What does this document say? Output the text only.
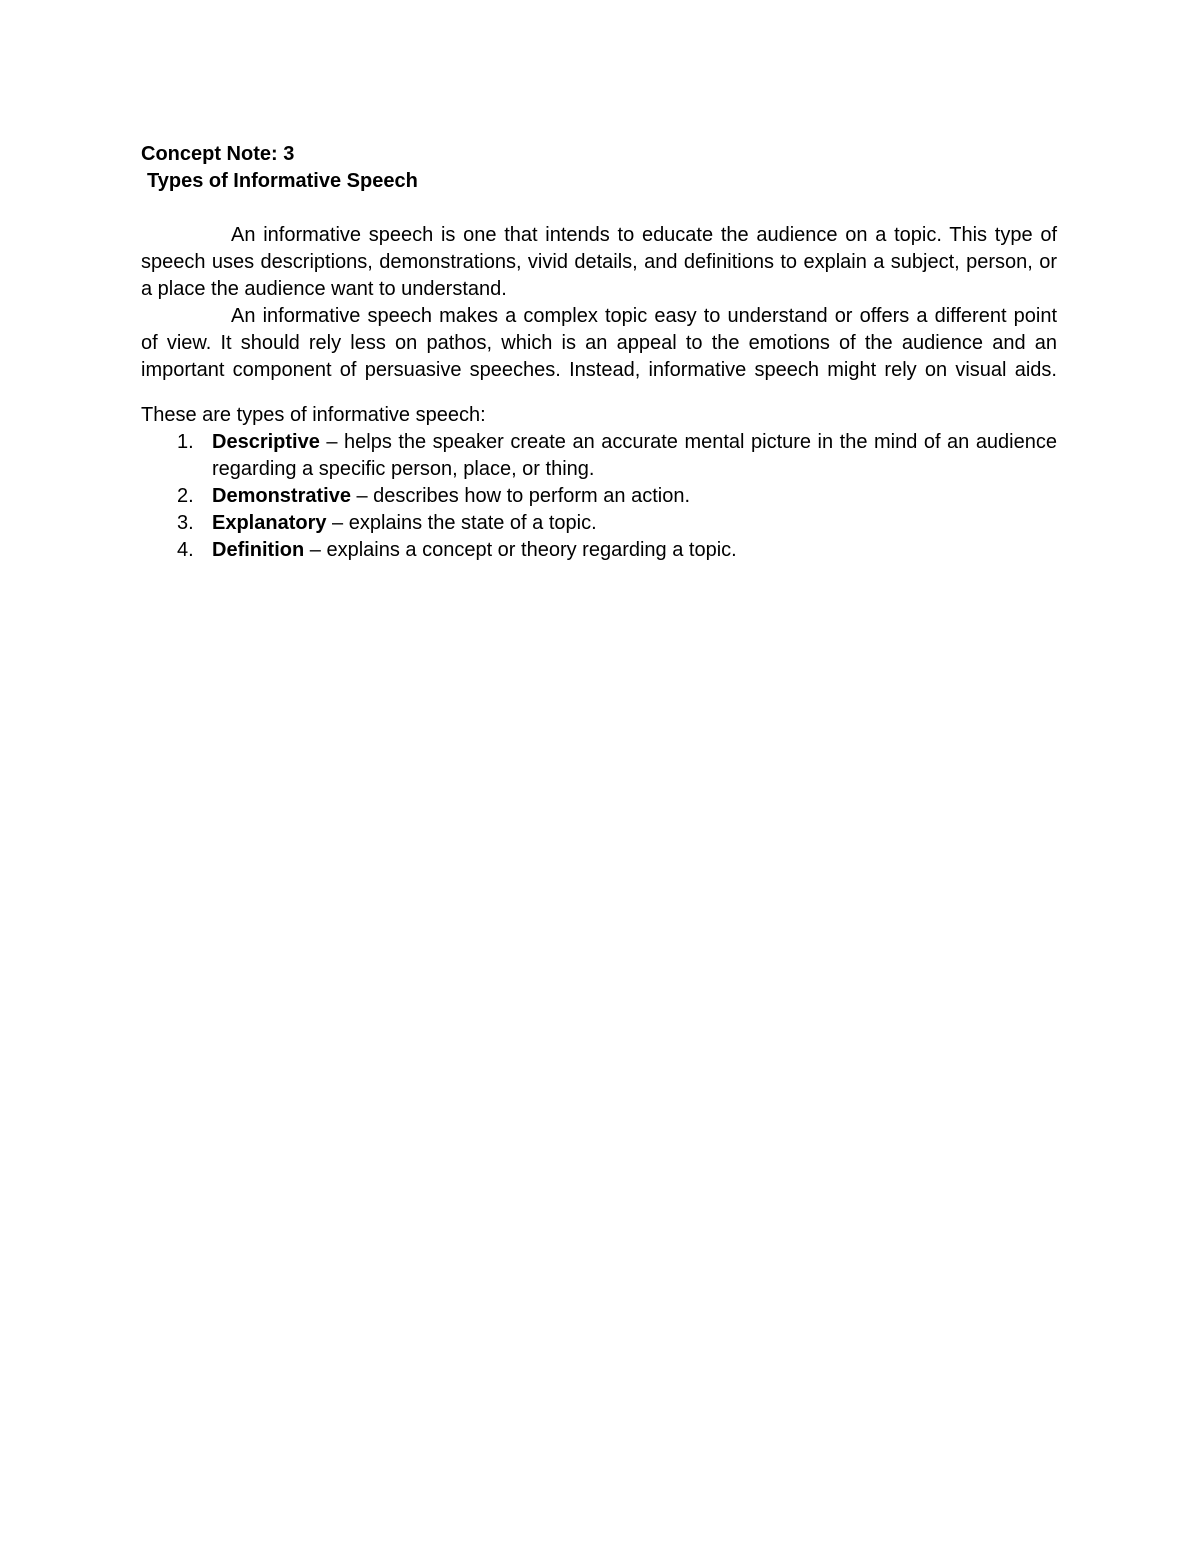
Concept Note: 3

Types of Informative Speech

An informative speech is one that intends to educate the audience on a topic. This type of speech uses descriptions, demonstrations, vivid details, and definitions to explain a subject, person, or a place the audience want to understand.

An informative speech makes a complex topic easy to understand or offers a different point of view. It should rely less on pathos, which is an appeal to the emotions of the audience and an important component of persuasive speeches. Instead, informative speech might rely on visual aids.

These are types of informative speech:

1. Descriptive – helps the speaker create an accurate mental picture in the mind of an audience regarding a specific person, place, or thing.
2. Demonstrative – describes how to perform an action.
3. Explanatory – explains the state of a topic.
4. Definition – explains a concept or theory regarding a topic.
